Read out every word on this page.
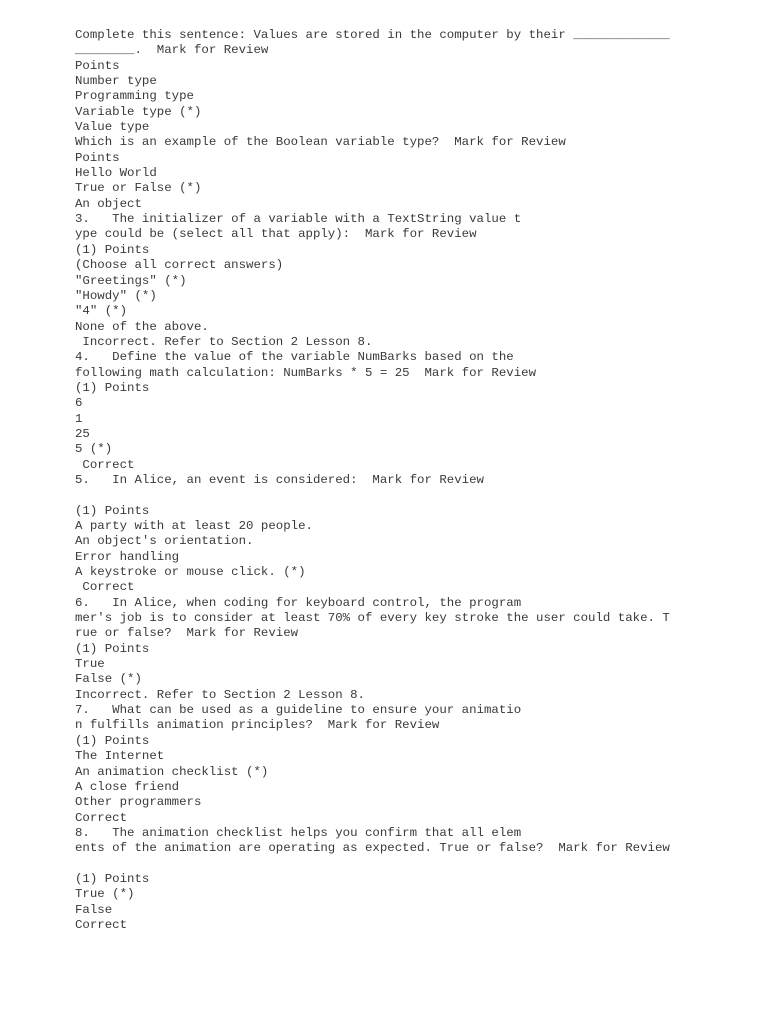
Complete this sentence: Values are stored in the computer by their _____________
________.  Mark for Review
Points
Number type
Programming type
Variable type (*)
Value type
Which is an example of the Boolean variable type?  Mark for Review
Points
Hello World
True or False (*)
An object
3.   The initializer of a variable with a TextString value t
ype could be (select all that apply):  Mark for Review
(1) Points
(Choose all correct answers)
"Greetings" (*)
"Howdy" (*)
"4" (*)
None of the above.
Incorrect. Refer to Section 2 Lesson 8.
4.   Define the value of the variable NumBarks based on the
following math calculation: NumBarks * 5 = 25  Mark for Review
(1) Points
6
1
25
5 (*)
Correct
5.   In Alice, an event is considered:  Mark for Review
(1) Points
A party with at least 20 people.
An object's orientation.
Error handling
A keystroke or mouse click. (*)
Correct
6.   In Alice, when coding for keyboard control, the program
mer's job is to consider at least 70% of every key stroke the user could take. T
rue or false?  Mark for Review
(1) Points
True
False (*)
Incorrect. Refer to Section 2 Lesson 8.
7.   What can be used as a guideline to ensure your animatio
n fulfills animation principles?  Mark for Review
(1) Points
The Internet
An animation checklist (*)
A close friend
Other programmers
Correct
8.   The animation checklist helps you confirm that all elem
ents of the animation are operating as expected. True or false?  Mark for Review
(1) Points
True (*)
False
Correct
